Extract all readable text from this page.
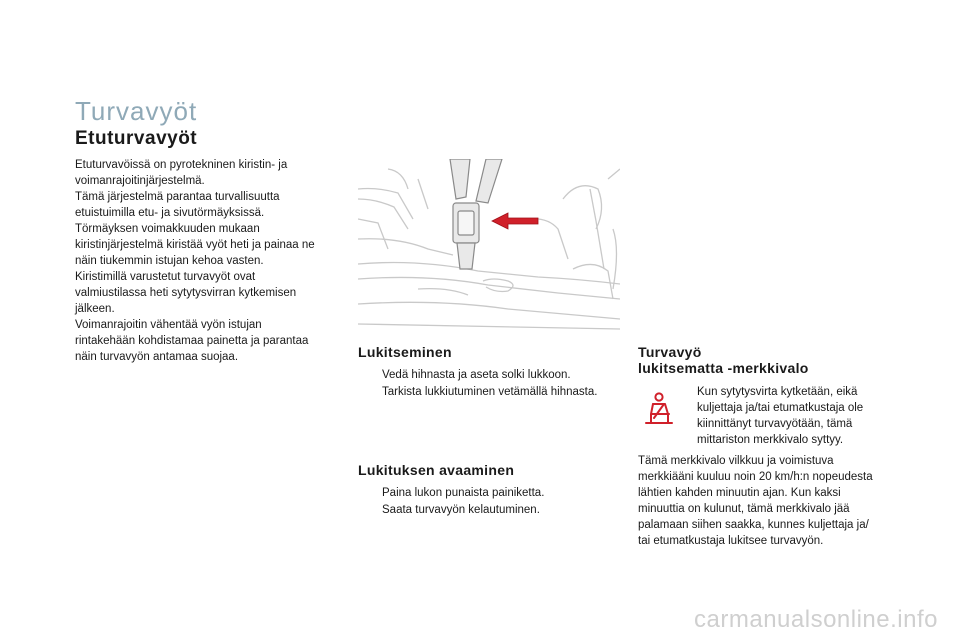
Turvavyöt
Etuturvavyöt

Etuturvavöissä on pyrotekninen kiristin- ja

voimanrajoitinjärjestelmä.

Tämä järjestelmä parantaa turvallisuutta

etuistuimilla etu- ja sivutörmäyksissä.

Törmäyksen voimakkuuden mukaan

kiristinjärjestelmä kiristää vyöt heti ja painaa ne

näin tiukemmin istujan kehoa vasten.

Kiristimillä varustetut turvavyöt ovat

valmiustilassa heti sytytysvirran kytkemisen

jälkeen.

Voimanrajoitin vähentää vyön istujan

rintakehään kohdistamaa painetta ja parantaa

näin turvavyön antamaa suojaa.	Lukitseminen
Vedä hihnasta ja aseta solki lukkoon.
Tarkista lukkiutuminen vetämällä hihnasta.
Lukituksen avaaminen
Paina lukon punaista painiketta.
Saata turvavyön kelautuminen.
Turvavyö
lukitsematta -merkkivalo

Kun sytytysvirta kytketään, eikä

kuljettaja ja/tai etumatkustaja ole

kiinnittänyt turvavyötään, tämä

mittariston merkkivalo syttyy.

Tämä merkkivalo vilkkuu ja voimistuva

merkkiääni kuuluu noin 20 km/h:n nopeudesta

lähtien kahden minuutin ajan. Kun kaksi

minuuttia on kulunut, tämä merkkivalo jää

palamaan siihen saakka, kunnes kuljettaja ja/

tai etumatkustaja lukitsee turvavyön.

carmanualsonline.info
